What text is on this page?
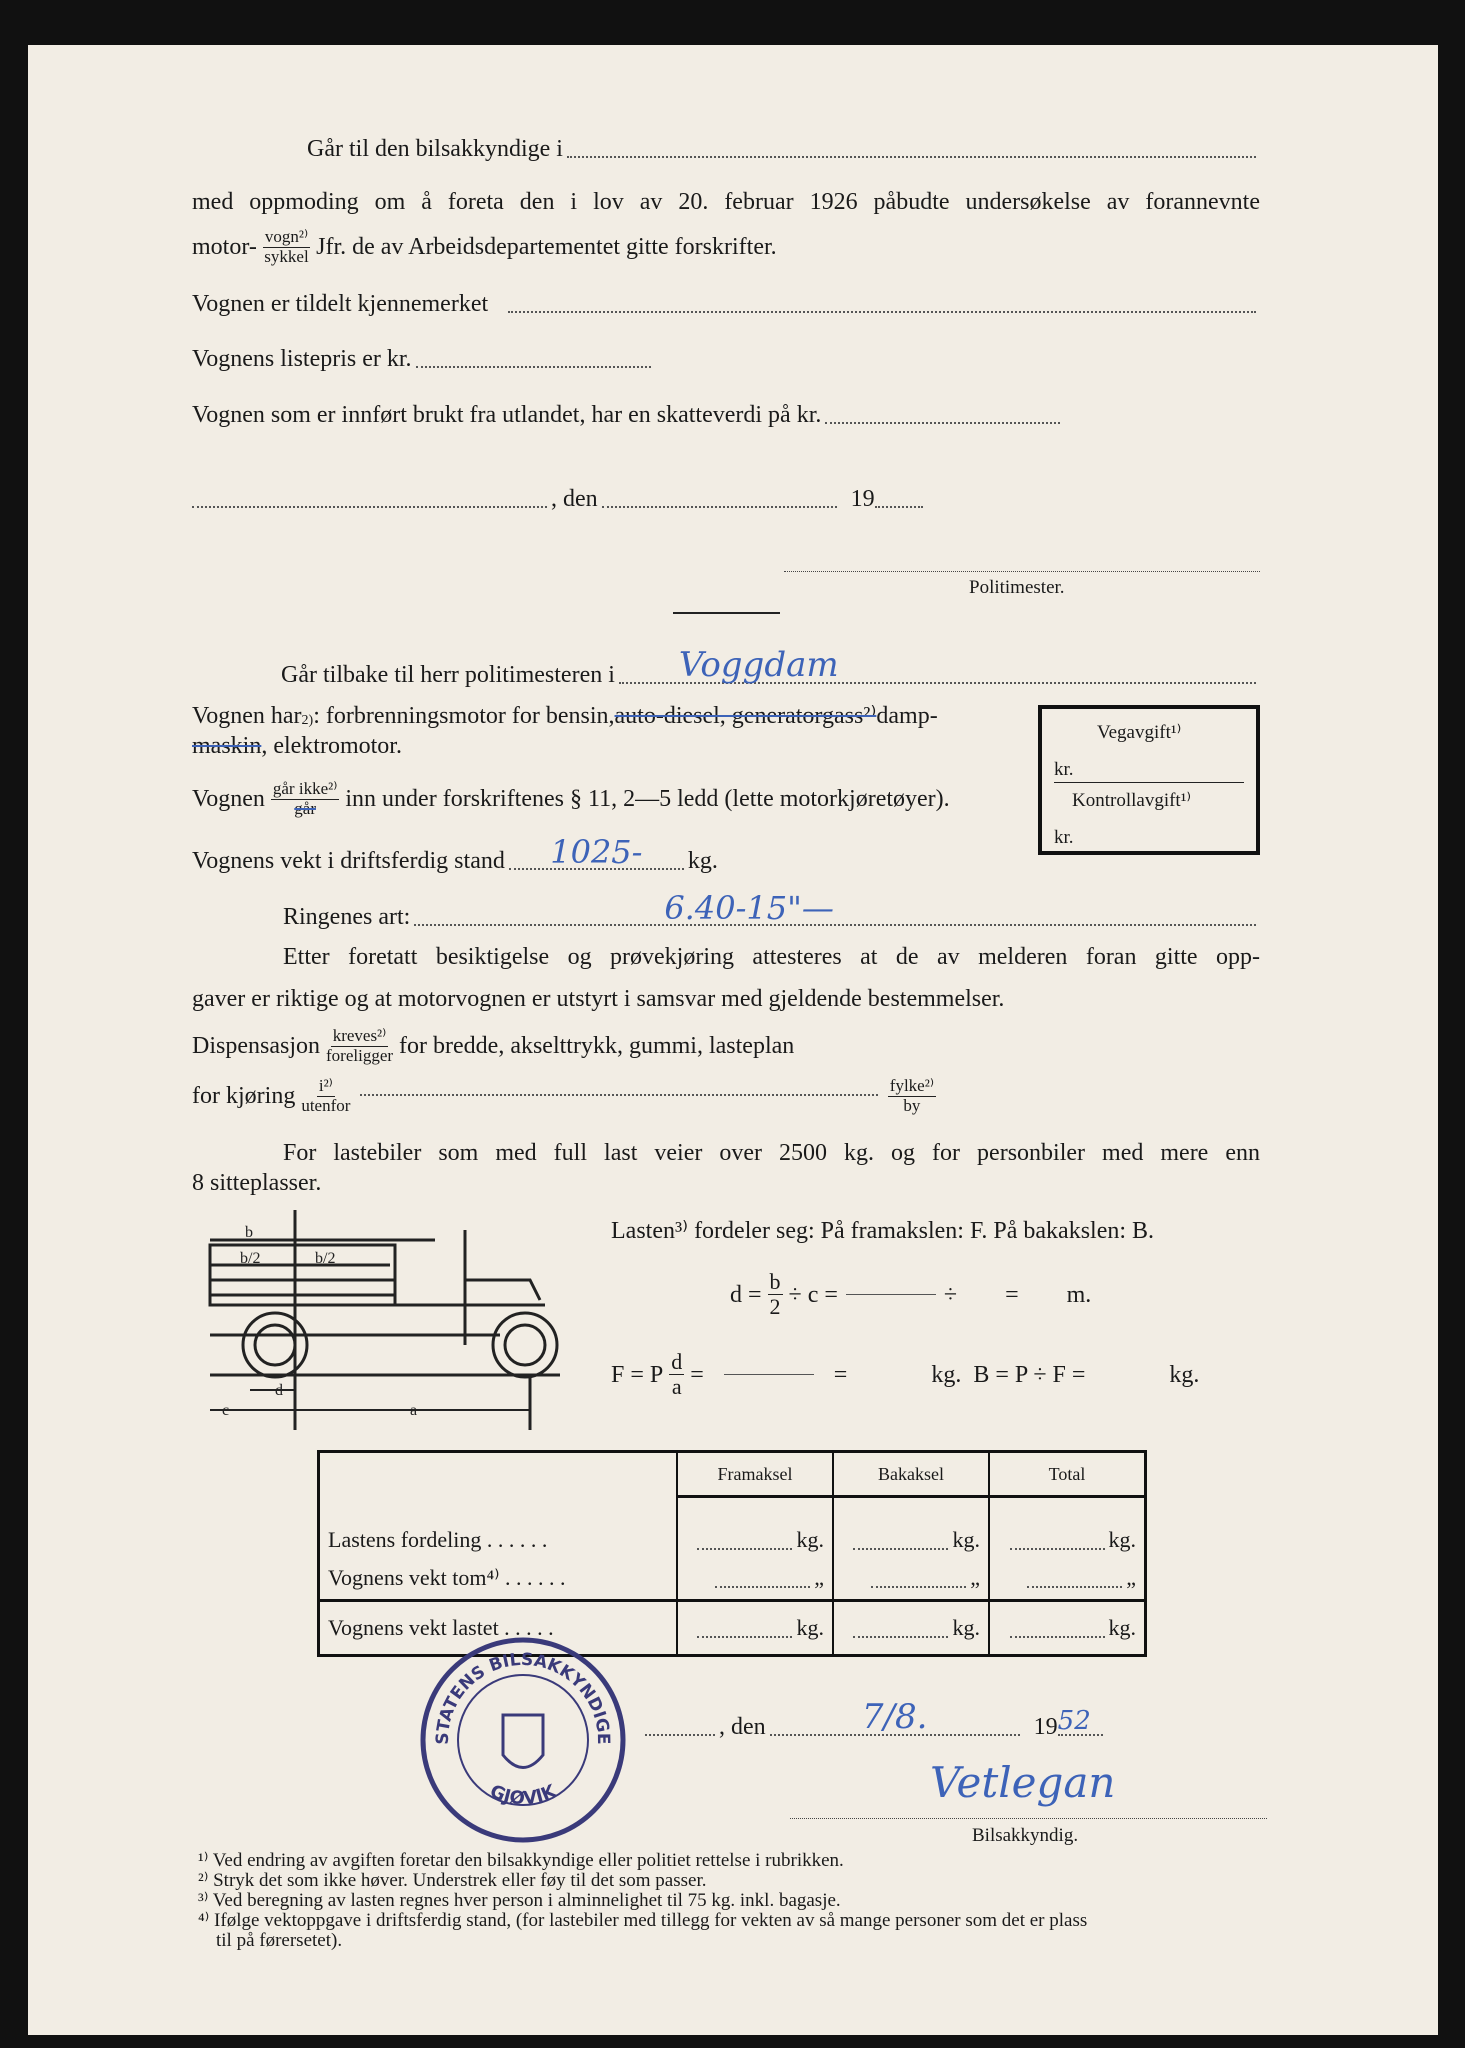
Går til den bilsakkyndige i
med oppmoding om å foreta den i lov av 20. februar 1926 påbudte undersøkelse av forannevnte
motor- $\frac{\text{vogn²⁾}}{\text{sykkel}}$ Jfr. de av Arbeidsdepartementet gitte forskrifter.
Vognen er tildelt kjennemerket
Vognens listepris er kr.
Vognen som er innført brukt fra utlandet, har en skatteverdi på kr.
, den	19
Politimester.
Går tilbake til herr politimesteren i	Voggdam
Vognen har$_{2)}$ : forbrenningsmotor for bensin, auto-diesel, generatorgass²⁾ damp-
maskin , elektromotor.
Vegavgift¹⁾
kr.
Kontrollavgift¹⁾
kr.
Vognen $\frac{\text{går ikke²⁾}}{\text{går}}$ inn under forskriftenes § 11, 2—5 ledd (lette motorkjøretøyer).
Vognens vekt i driftsferdig stand	1025-	kg.
Ringenes art:	6.40-15"—
Etter foretatt besiktigelse og prøvekjøring attesteres at de av melderen foran gitte opp-
gaver er riktige og at motorvognen er utstyrt i samsvar med gjeldende bestemmelser.
Dispensasjon $\frac{\text{kreves²⁾}}{\text{foreligger}}$ for bredde, akselttrykk, gummi, lasteplan
for kjøring $\frac{\text{i²⁾}}{\text{utenfor}}$	$\frac{\text{fylke²⁾}}{by}$
For lastebiler som med full last veier over 2500 kg. og for personbiler med mere enn
8 sitteplasser.
b
b/2	b/2
d
c	a
Lasten³⁾ fordeler seg: På framakslen: F. På bakakslen: B.
$d = \frac{b}{2} \div c$ =	÷        =        m.
F = P $\frac{d}{a}$ =	=              kg.  B = P ÷ F =              kg.
	Framaksel	Bakaksel	Total
Lastens fordeling . . . . . .	kg.	kg.	kg.

Vognens vekt tom⁴⁾ . . . . . .	„	„	„

Vognens vekt lastet . . . . .	kg.	kg.	kg.
, den	7/8.	19 52
Vetlegan
Bilsakkyndig.
STATENS BILSAKKYNDIGE
GJØVIK
¹⁾ Ved endring av avgiften foretar den bilsakkyndige eller politiet rettelse i rubrikken.
²⁾ Stryk det som ikke høver. Understrek eller føy til det som passer.
³⁾ Ved beregning av lasten regnes hver person i alminnelighet til 75 kg. inkl. bagasje.
⁴⁾ Ifølge vektoppgave i driftsferdig stand, (for lastebiler med tillegg for vekten av så mange personer som det er plass
til på førersetet).
